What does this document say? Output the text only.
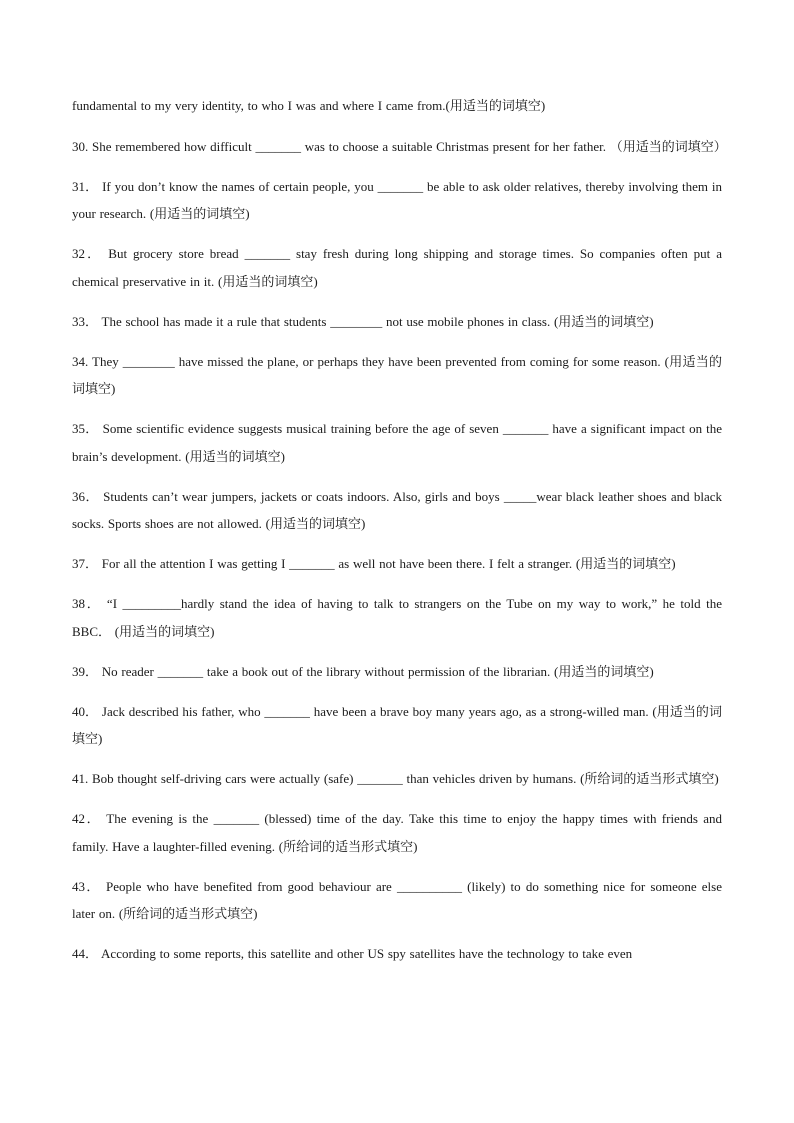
fundamental to my very identity, to who I was and where I came from.(用适当的词填空)

30. She remembered how difficult _______ was to choose a suitable Christmas present for her father. （用适当的词填空）

31． If you don’t know the names of certain people, you _______ be able to ask older relatives, thereby involving them in your research. (用适当的词填空)

32． But grocery store bread _______ stay fresh during long shipping and storage times. So companies often put a chemical preservative in it. (用适当的词填空)

33． The school has made it a rule that students ________ not use mobile phones in class. (用适当的词填空)

34. They ________ have missed the plane, or perhaps they have been prevented from coming for some reason. (用适当的词填空)

35． Some scientific evidence suggests musical training before the age of seven _______ have a significant impact on the brain’s development. (用适当的词填空)

36． Students can’t wear jumpers, jackets or coats indoors. Also, girls and boys _____wear black leather shoes and black socks. Sports shoes are not allowed. (用适当的词填空)

37． For all the attention I was getting I _______ as well not have been there. I felt a stranger. (用适当的词填空)

38． “I _________hardly stand the idea of having to talk to strangers on the Tube on my way to work,” he told the BBC． (用适当的词填空)

39． No reader _______ take a book out of the library without permission of the librarian. (用适当的词填空)

40． Jack described his father, who _______ have been a brave boy many years ago, as a strong-willed man. (用适当的词填空)

41. Bob thought self-driving cars were actually (safe) _______ than vehicles driven by humans. (所给词的适当形式填空)

42． The evening is the _______ (blessed) time of the day. Take this time to enjoy the happy times with friends and family. Have a laughter-filled evening. (所给词的适当形式填空)

43． People who have benefited from good behaviour are __________ (likely) to do something nice for someone else later on. (所给词的适当形式填空)

44． According to some reports, this satellite and other US spy satellites have the technology to take even
